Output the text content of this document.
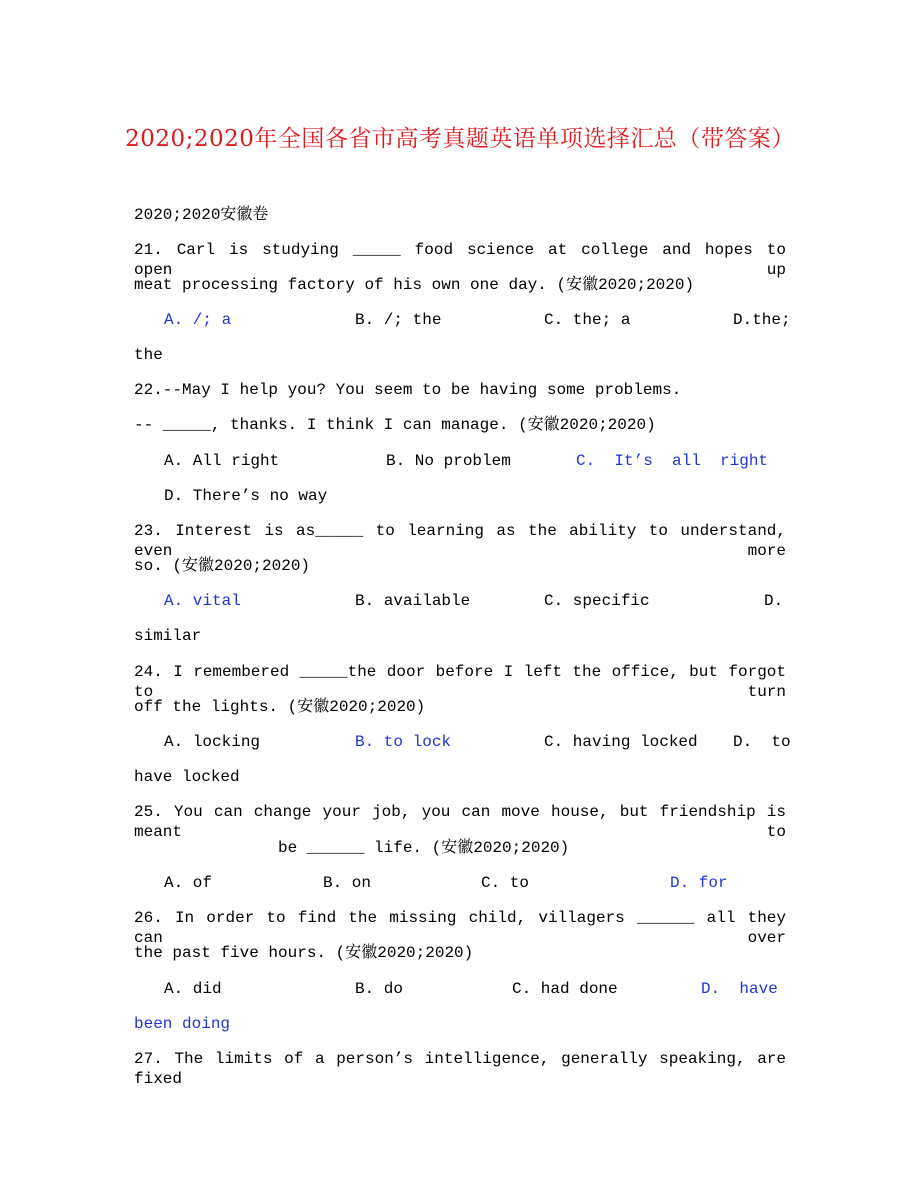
2020;2020年全国各省市高考真题英语单项选择汇总（带答案）
2020;2020安徽卷
21. Carl is studying _____ food science at college and hopes to open up
meat processing factory of his own one day. (安徽2020;2020)
A. /; a	B. /; the	C. the; a	D.the;
the
22.--May I help you? You seem to be having some problems.
-- _____, thanks. I think I can manage. (安徽2020;2020)
A. All right	B. No problem	C.  It’s  all  right
D. There’s no way
23. Interest is as_____ to learning as the ability to understand, even more
so. (安徽2020;2020)
A. vital	B. available	C. specific	D.
similar
24. I remembered _____the door before I left the office, but forgot to turn
off the lights. (安徽2020;2020)
A. locking	B. to lock	C. having locked D.  to
have locked
25. You can change your job, you can move house, but friendship is meant to
be ______ life. (安徽2020;2020)
A. of	B. on	C. to	D. for
26. In order to find the missing child, villagers ______ all they can over
the past five hours. (安徽2020;2020)
A. did	B. do	C. had done	D.  have
been doing
27. The limits of a person’s intelligence, generally speaking, are fixed
